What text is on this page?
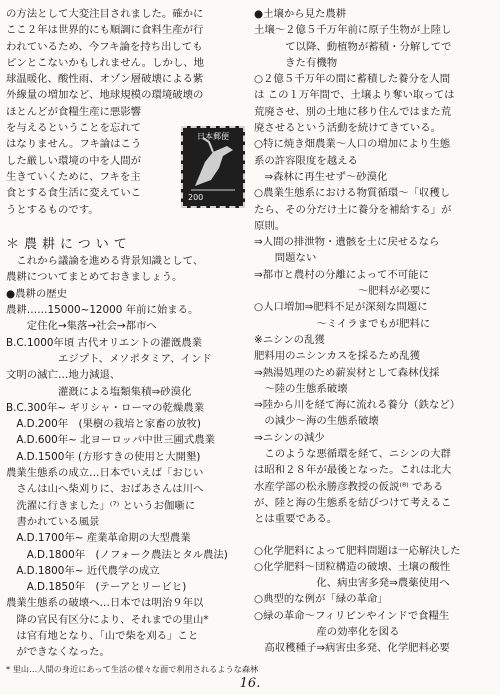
の方法として大変注目されました。確かに
ここ２年は世界的にも順調に食料生産が行
われているため、今フキ論を持ち出しても
ピンとこないかもしれません。しかし、地
球温暖化、酸性雨、オゾン層破壊による紫
外線量の増加など、地球規模の環境破壊の
ほとんどが食糧生産に悪影響
を与えるということを忘れて
はなりません。フキ論はこう
した厳しい環境の中を人間が
生きていくために、フキを主
食とする食生活に変えていこ
うとするものです。
＊農耕について
　これから議論を進める背景知識として、
農耕についてまとめておきましょう。
●農耕の歴史
農耕……15000~12000 年前に始まる。
　　定住化→集落→社会→都市へ
B.C.1000年頃 古代オリエントの灌漑農業
　　　　　エジプト、メソポタミア、インド
文明の滅亡…地力減退、
　　　　　灌漑による塩類集積⇒砂漠化
B.C.300年~ ギリシャ・ローマの乾燥農業
　A.D.200年　(果樹の栽培と家畜の放牧)
　A.D.600年~ 北ヨーロッパ中世三圃式農業
　A.D.1500年 (方形すきの使用と大開墾)
農業生態系の成立…日本でいえば「おじい
　さんは山へ柴刈りに、おばあさんは川へ
　洗濯に行きました」⁽⁷⁾ というお伽噺に
　書かれている風景
　A.D.1700年~ 産業革命期の大型農業
　　A.D.1800年　(ノフォーク農法とタル農法)
　A.D.1800年~ 近代農学の成立
　　A.D.1850年　(テーアとリービヒ)
農業生態系の破壊へ…日本では明治９年以
　降の官民有区分により、それまでの里山*
　は官有地となり、「山で柴を刈る」こと
　ができなくなった。
* 里山…人間の身近にあって生活の様々な面で利用されるような森林
日本郵便
200
●土壌から見た農耕
土壌～２億５千万年前に原子生物が上陸し
　　　て以降、動植物が蓄積・分解してで
　　　きた有機物
○２億５千万年の間に蓄積した養分を人間
は この１万年間で、土壌より奪い取っては
荒廃させ、別の土地に移り住んではまた荒
廃させるという活動を続けてきている。
○特に焼き畑農業～人口の増加により生態
系の許容限度を越える
　⇒森林に再生せず～砂漠化
○農業生態系における物質循環～「収穫し
たら、その分だけ土に養分を補給する」が
原則。
⇒人間の排泄物・遺骸を土に戻せるなら
　　問題ない
⇒都市と農村の分離によって不可能に
　　　　　　　　　　～肥料が必要に
○人口増加⇒肥料不足が深刻な問題に
　　　　　　～ミイラまでもが肥料に
※ニシンの乱獲
肥料用のニシンカスを採るため乱獲
⇒熱湯処理のため薪炭材として森林伐採
　～陸の生態系破壊
⇒陸から川を経て海に流れる養分（鉄など）
　の減少～海の生態系破壊
⇒ニシンの減少
　このような悪循環を経て、ニシンの大群
は昭和２８年が最後となった。これは北大
水産学部の松永勝彦教授の仮説⁽⁸⁾ である
が、陸と海の生態系を結びつけて考えるこ
とは重要である。
○化学肥料によって肥料問題は一応解決した
○化学肥料～団粒構造の破壊、土壌の酸性
　　　　　　化、病虫害多発⇒農薬使用へ
○典型的な例が「緑の革命」
○緑の革命～フィリピンやインドで食糧生
　　　　　　産の効率化を図る
　高収穫種子⇒病害虫多発、化学肥料必要
16.
